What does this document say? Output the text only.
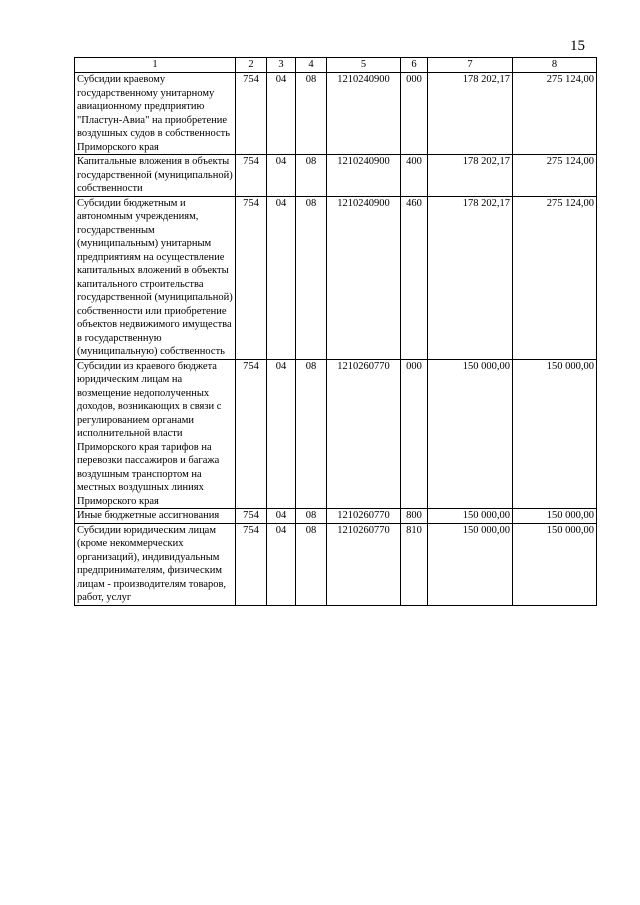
15
1	2	3	4	5	6	7	8
Субсидии краевому государственному унитарному авиационному предприятию "Пластун-Авиа" на приобретение воздушных судов в собственность Приморского края	754	04	08	1210240900	000	178 202,17	275 124,00
Капитальные вложения в объекты государственной (муниципальной) собственности	754	04	08	1210240900	400	178 202,17	275 124,00
Субсидии бюджетным и автономным учреждениям, государственным (муниципальным) унитарным предприятиям на осуществление капитальных вложений в объекты капитального строительства государственной (муниципальной) собственности или приобретение объектов недвижимого имущества в государственную (муниципальную) собственность	754	04	08	1210240900	460	178 202,17	275 124,00
Субсидии из краевого бюджета юридическим лицам на возмещение недополученных доходов, возникающих в связи с регулированием органами исполнительной власти Приморского края тарифов на перевозки пассажиров и багажа воздушным транспортом на местных воздушных линиях Приморского края	754	04	08	1210260770	000	150 000,00	150 000,00
Иные бюджетные ассигнования	754	04	08	1210260770	800	150 000,00	150 000,00
Субсидии юридическим лицам (кроме некоммерческих организаций), индивидуальным предпринимателям, физическим лицам - производителям товаров, работ, услуг	754	04	08	1210260770	810	150 000,00	150 000,00
